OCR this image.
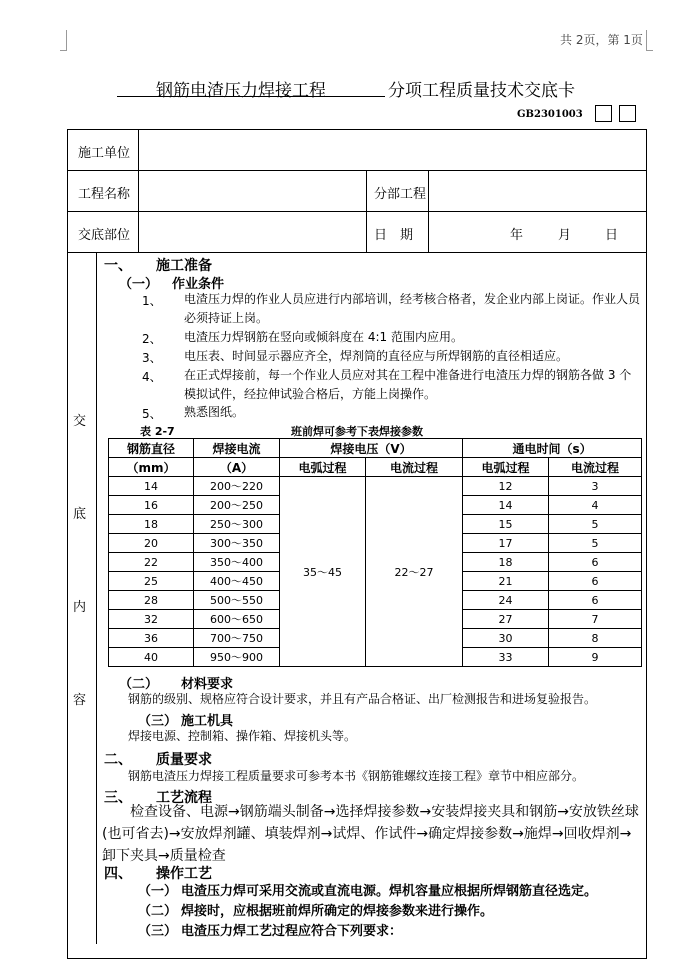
共 2页，第 1页
钢筋电渣压力焊接工程	分项工程质量技术交底卡
GB2301003
施工单位
工程名称	分部工程
交底部位	日　期	年	月	日
交
底
内
容
一、 施工准备
（一） 作业条件
1、 电渣压力焊的作业人员应进行内部培训，经考核合格者，发企业内部上岗证。作业人员必须持证上岗。
2、 电渣压力焊钢筋在竖向或倾斜度在 4:1 范围内应用。
3、 电压表、时间显示器应齐全，焊剂筒的直径应与所焊钢筋的直径相适应。
4、 在正式焊接前，每一个作业人员应对其在工程中准备进行电渣压力焊的钢筋各做 3 个模拟试件，经拉伸试验合格后，方能上岗操作。
5、 熟悉图纸。
表 2-7	班前焊可参考下表焊接参数
钢筋直径	焊接电流	焊接电压（V）		通电时间（s）	
（mm）	（A）	电弧过程	电流过程	电弧过程	电流过程
14	200～220	35～45	22～27	12	3
16	200～250			14	4
18	250～300			15	5
20	300～350			17	5
22	350～400			18	6
25	400～450			21	6
28	500～550			24	6
32	600～650			27	7
36	700～750			30	8
40	950～900			33	9
（二） 材料要求
钢筋的级别、规格应符合设计要求，并且有产品合格证、出厂检测报告和进场复验报告。
（三） 施工机具
焊接电源、控制箱、操作箱、焊接机头等。
二、 质量要求
钢筋电渣压力焊接工程质量要求可参考本书《钢筋锥螺纹连接工程》章节中相应部分。
三、 工艺流程
检查设备、电源→钢筋端头制备→选择焊接参数→安装焊接夹具和钢筋→安放铁丝球(也可省去)→安放焊剂罐、填装焊剂→试焊、作试件→确定焊接参数→施焊→回收焊剂→卸下夹具→质量检查
四、 操作工艺
（一） 电渣压力焊可采用交流或直流电源。焊机容量应根据所焊钢筋直径选定。
（二） 焊接时，应根据班前焊所确定的焊接参数来进行操作。
（三） 电渣压力焊工艺过程应符合下列要求：
